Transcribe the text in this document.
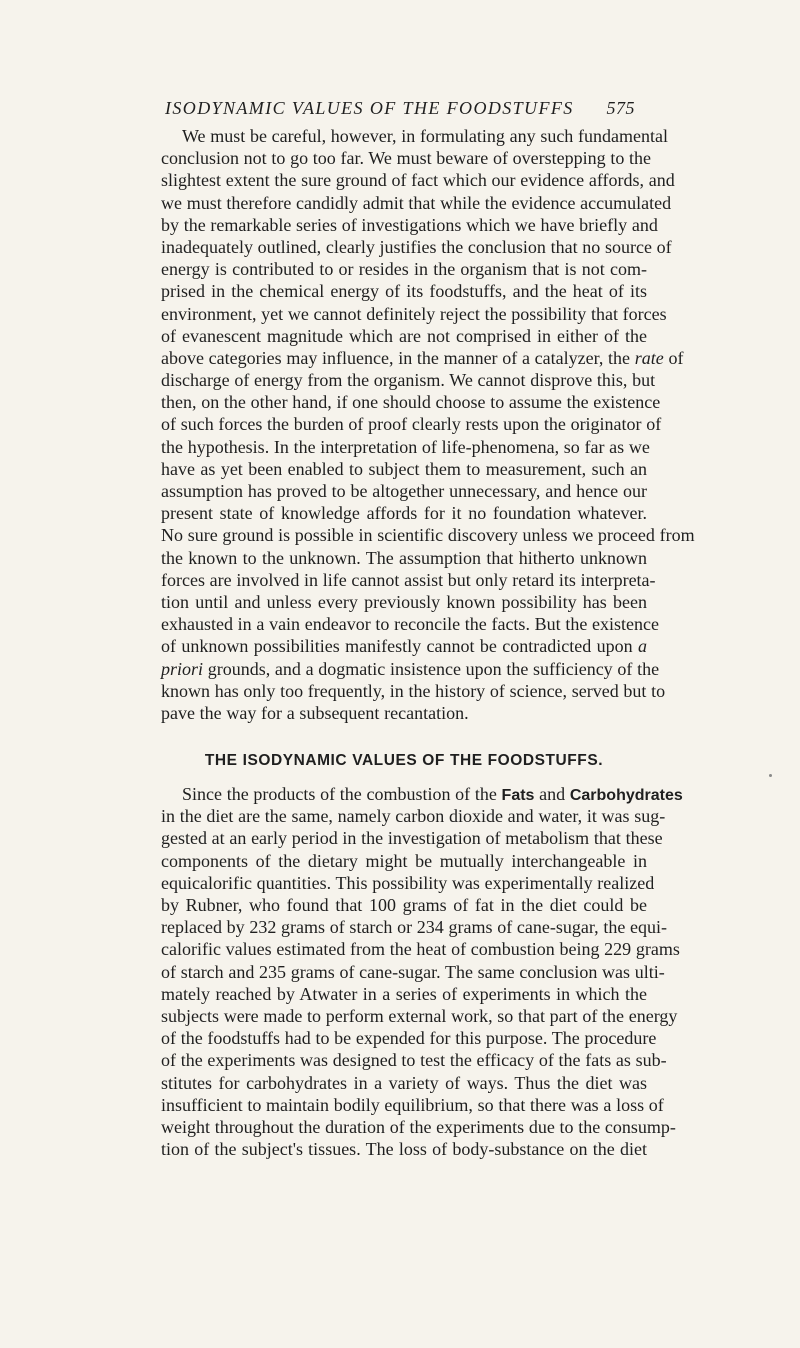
ISODYNAMIC VALUES OF THE FOODSTUFFS 575

We must be careful, however, in formulating any such fundamental
conclusion not to go too far. We must beware of overstepping to the
slightest extent the sure ground of fact which our evidence affords, and
we must therefore candidly admit that while the evidence accumulated
by the remarkable series of investigations which we have briefly and
inadequately outlined, clearly justifies the conclusion that no source of
energy is contributed to or resides in the organism that is not com-
prised in the chemical energy of its foodstuffs, and the heat of its
environment, yet we cannot definitely reject the possibility that forces
of evanescent magnitude which are not comprised in either of the
above categories may influence, in the manner of a catalyzer, the rate of
discharge of energy from the organism. We cannot disprove this, but
then, on the other hand, if one should choose to assume the existence
of such forces the burden of proof clearly rests upon the originator of
the hypothesis. In the interpretation of life-phenomena, so far as we
have as yet been enabled to subject them to measurement, such an
assumption has proved to be altogether unnecessary, and hence our
present state of knowledge affords for it no foundation whatever.
No sure ground is possible in scientific discovery unless we proceed from
the known to the unknown. The assumption that hitherto unknown
forces are involved in life cannot assist but only retard its interpreta-
tion until and unless every previously known possibility has been
exhausted in a vain endeavor to reconcile the facts. But the existence
of unknown possibilities manifestly cannot be contradicted upon a
priori grounds, and a dogmatic insistence upon the sufficiency of the
known has only too frequently, in the history of science, served but to
pave the way for a subsequent recantation.

THE ISODYNAMIC VALUES OF THE FOODSTUFFS.

Since the products of the combustion of the Fats and Carbohydrates
in the diet are the same, namely carbon dioxide and water, it was sug-
gested at an early period in the investigation of metabolism that these
components of the dietary might be mutually interchangeable in
equicalorific quantities. This possibility was experimentally realized
by Rubner, who found that 100 grams of fat in the diet could be
replaced by 232 grams of starch or 234 grams of cane-sugar, the equi-
calorific values estimated from the heat of combustion being 229 grams
of starch and 235 grams of cane-sugar. The same conclusion was ulti-
mately reached by Atwater in a series of experiments in which the
subjects were made to perform external work, so that part of the energy
of the foodstuffs had to be expended for this purpose. The procedure
of the experiments was designed to test the efficacy of the fats as sub-
stitutes for carbohydrates in a variety of ways. Thus the diet was
insufficient to maintain bodily equilibrium, so that there was a loss of
weight throughout the duration of the experiments due to the consump-
tion of the subject's tissues. The loss of body-substance on the diet
